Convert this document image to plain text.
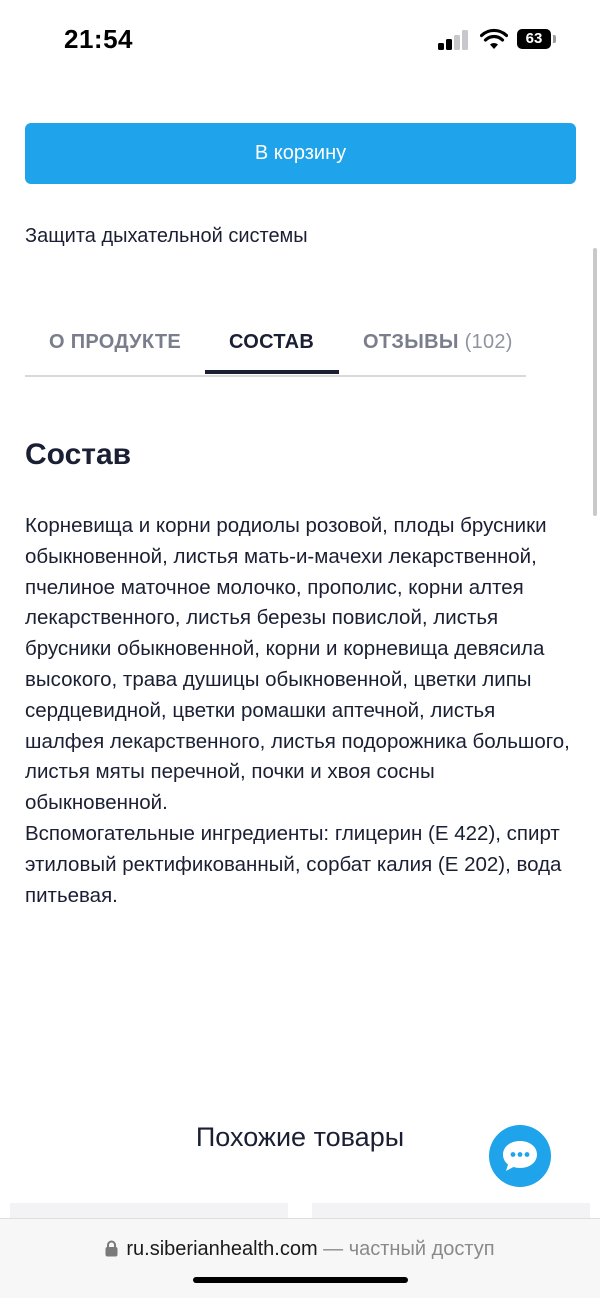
21:54	63
В корзину
Защита дыхательной системы
О ПРОДУКТЕ СОСТАВ ОТЗЫВЫ (102)
Состав

Корневища и корни родиолы розовой, плоды брусники обыкновенной, листья мать-и-мачехи лекарственной, пчелиное маточное молочко, прополис, корни алтея лекарственного, листья березы повислой, листья брусники обыкновенной, корни и корневища девясила высокого, трава душицы обыкновенной, цветки липы сердцевидной, цветки ромашки аптечной, листья шалфея лекарственного, листья подорожника большого, листья мяты перечной, почки и хвоя сосны обыкновенной.

Вспомогательные ингредиенты: глицерин (Е 422), спирт этиловый ректификованный, сорбат калия (Е 202), вода питьевая.

Похожие товары
ru.siberianhealth.com — частный доступ
